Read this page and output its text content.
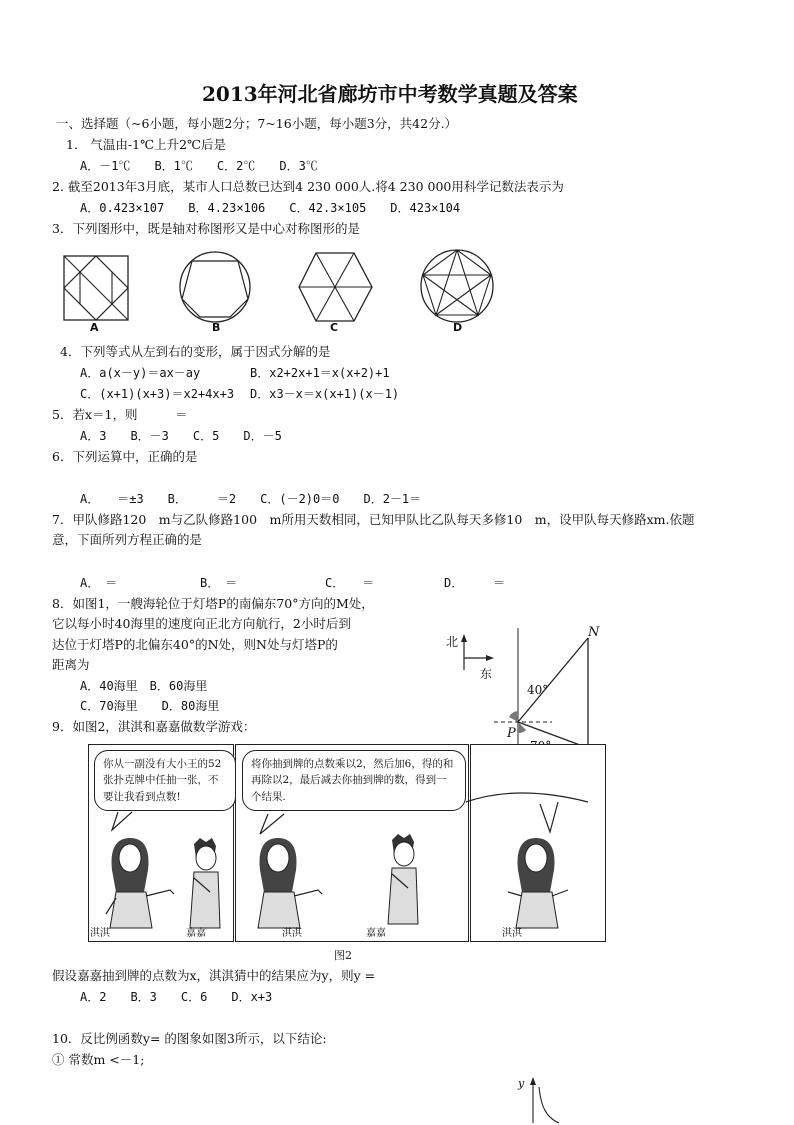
2013年河北省廊坊市中考数学真题及答案
一、选择题（~6小题，每小题2分；7~16小题，每小题3分，共42分.）
1.　气温由-1℃上升2℃后是
A．－1℃　　B．1℃　　C．2℃　　D．3℃
2. 截至2013年3月底，某市人口总数已达到4 230 000人.将4 230 000用科学记数法表示为
A．0.423×107　　B．4.23×106　　C．42.3×105　　D．423×104
3．下列图形中，既是轴对称图形又是中心对称图形的是
A	B	C	D
4．下列等式从左到右的变形，属于因式分解的是
A．a(x－y)＝ax－ay	B．x2+2x+1＝x(x+2)+1
C．(x+1)(x+3)＝x2+4x+3 D．x3－x＝x(x+1)(x－1)
5．若x＝1，则　　　＝
A．3　　B．－3　　C．5　　D．－5
6．下列运算中，正确的是
A．　　＝±3　　B．　　　＝2　　C．(－2)0＝0　　D．2－1＝
7．甲队修路120　m与乙队修路100　m所用天数相同，已知甲队比乙队每天多修10　m，设甲队每天修路xm.依题
意，下面所列方程正确的是
A．　＝	B．　＝	C．　　＝	D．　　　＝
8．如图1，一艘海轮位于灯塔P的南偏东70°方向的M处，
它以每小时40海里的速度向正北方向航行，2小时后到
达位于灯塔P的北偏东40°的N处，则N处与灯塔P的
距离为
A．40海里　B．60海里
C．70海里　　D．80海里
北
东
N
40°
P
9．如图2，淇淇和嘉嘉做数学游戏：
你从一副没有大小王的52张扑克牌中任抽一张，不要让我看到点数!
将你抽到牌的点数乘以2，然后加6，得的和再除以2，最后减去你抽到牌的数，得到一个结果.
淇淇	嘉嘉	淇淇	嘉嘉	淇淇
图2
假设嘉嘉抽到牌的点数为x，淇淇猜中的结果应为y，则y =
A．2　　B．3　　C．6　　D．x+3
10．反比例函数y= 的图象如图3所示，以下结论:
① 常数m <－1;
y
